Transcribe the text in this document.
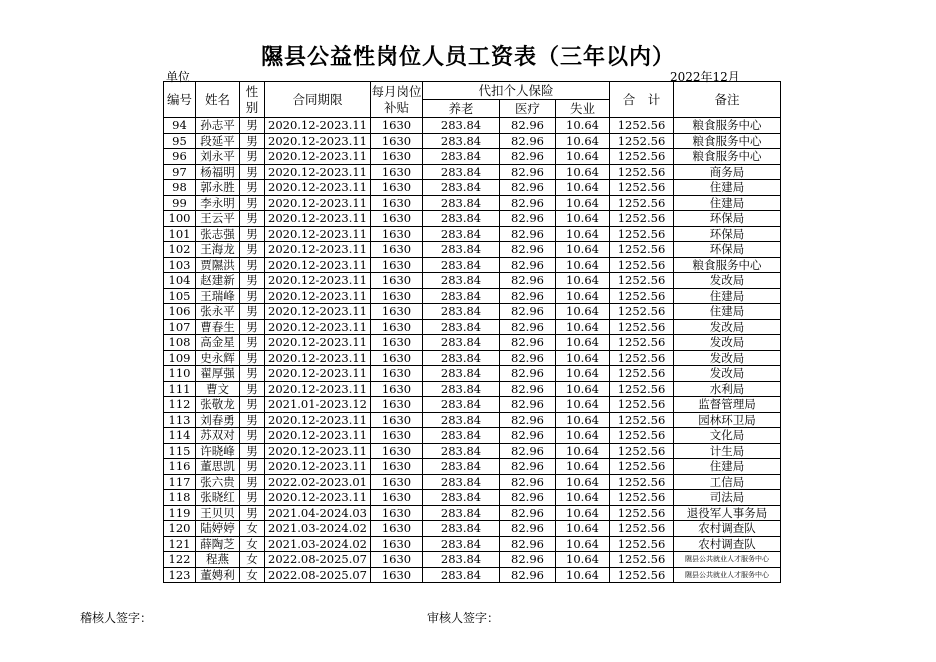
隰县公益性岗位人员工资表（三年以内）
单位	2022年12月
编号	姓名	性别	合同期限	每月岗位补贴	代扣个人保险			合　计	备注
					养老	医疗	失业		
94	孙志平	男	2020.12-2023.11	1630	283.84	82.96	10.64	1252.56	粮食服务中心
95	段延平	男	2020.12-2023.11	1630	283.84	82.96	10.64	1252.56	粮食服务中心
96	刘永平	男	2020.12-2023.11	1630	283.84	82.96	10.64	1252.56	粮食服务中心
97	杨福明	男	2020.12-2023.11	1630	283.84	82.96	10.64	1252.56	商务局
98	郭永胜	男	2020.12-2023.11	1630	283.84	82.96	10.64	1252.56	住建局
99	李永明	男	2020.12-2023.11	1630	283.84	82.96	10.64	1252.56	住建局
100	王云平	男	2020.12-2023.11	1630	283.84	82.96	10.64	1252.56	环保局
101	张志强	男	2020.12-2023.11	1630	283.84	82.96	10.64	1252.56	环保局
102	王海龙	男	2020.12-2023.11	1630	283.84	82.96	10.64	1252.56	环保局
103	贾隰洪	男	2020.12-2023.11	1630	283.84	82.96	10.64	1252.56	粮食服务中心
104	赵建新	男	2020.12-2023.11	1630	283.84	82.96	10.64	1252.56	发改局
105	王瑞峰	男	2020.12-2023.11	1630	283.84	82.96	10.64	1252.56	住建局
106	张永平	男	2020.12-2023.11	1630	283.84	82.96	10.64	1252.56	住建局
107	曹春生	男	2020.12-2023.11	1630	283.84	82.96	10.64	1252.56	发改局
108	高金星	男	2020.12-2023.11	1630	283.84	82.96	10.64	1252.56	发改局
109	史永辉	男	2020.12-2023.11	1630	283.84	82.96	10.64	1252.56	发改局
110	翟厚强	男	2020.12-2023.11	1630	283.84	82.96	10.64	1252.56	发改局
111	曹文	男	2020.12-2023.11	1630	283.84	82.96	10.64	1252.56	水利局
112	张敬龙	男	2021.01-2023.12	1630	283.84	82.96	10.64	1252.56	监督管理局
113	刘春勇	男	2020.12-2023.11	1630	283.84	82.96	10.64	1252.56	园林环卫局
114	苏双对	男	2020.12-2023.11	1630	283.84	82.96	10.64	1252.56	文化局
115	许晓峰	男	2020.12-2023.11	1630	283.84	82.96	10.64	1252.56	计生局
116	董思凯	男	2020.12-2023.11	1630	283.84	82.96	10.64	1252.56	住建局
117	张六贵	男	2022.02-2023.01	1630	283.84	82.96	10.64	1252.56	工信局
118	张晓红	男	2020.12-2023.11	1630	283.84	82.96	10.64	1252.56	司法局
119	王贝贝	男	2021.04-2024.03	1630	283.84	82.96	10.64	1252.56	退役军人事务局
120	陆婷婷	女	2021.03-2024.02	1630	283.84	82.96	10.64	1252.56	农村调查队
121	薛陶芝	女	2021.03-2024.02	1630	283.84	82.96	10.64	1252.56	农村调查队
122	程燕	女	2022.08-2025.07	1630	283.84	82.96	10.64	1252.56	隰县公共就业人才服务中心
123	董娉利	女	2022.08-2025.07	1630	283.84	82.96	10.64	1252.56	隰县公共就业人才服务中心
稽核人签字：	审核人签字：
